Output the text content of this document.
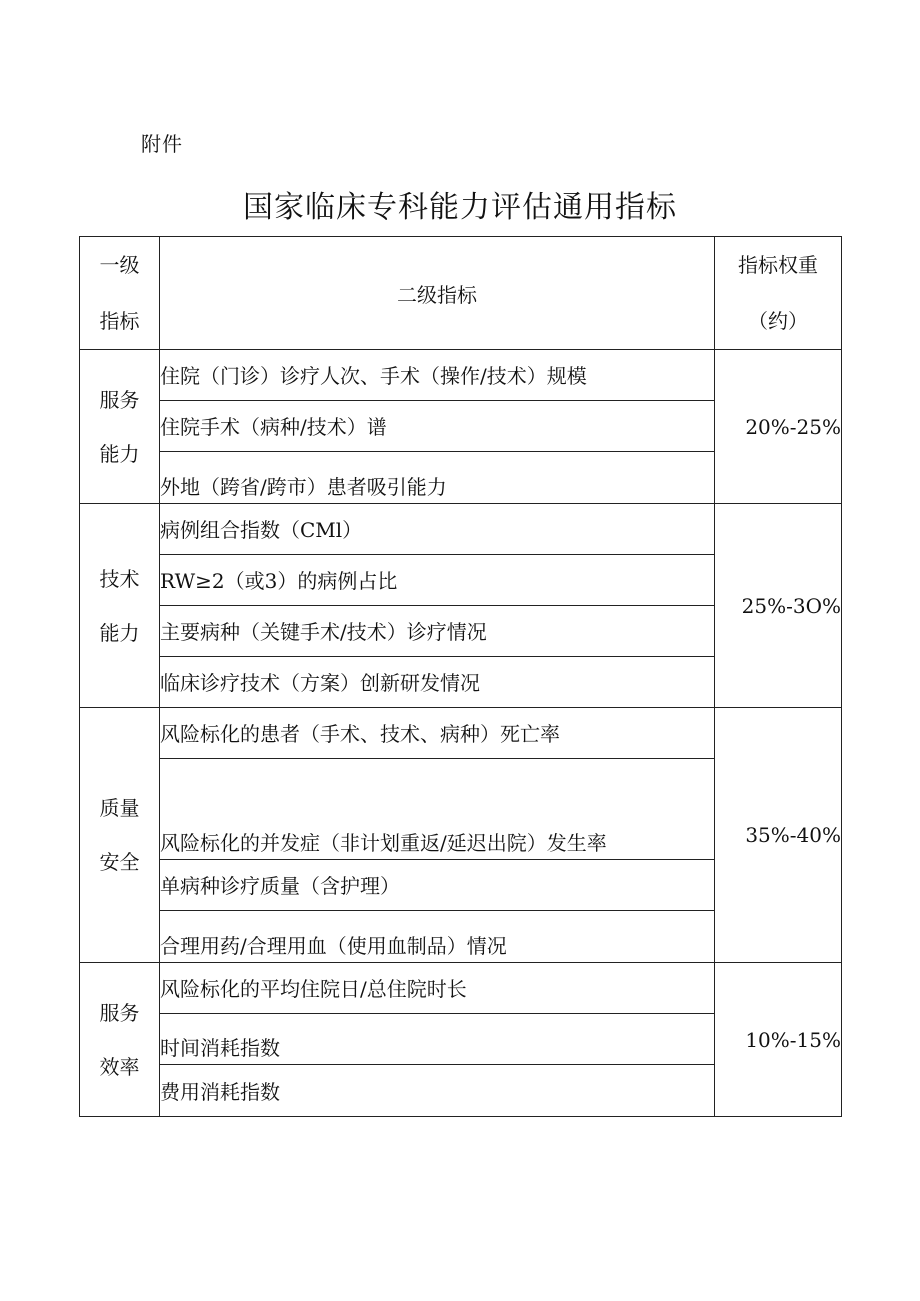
附件
国家临床专科能力评估通用指标
一级
指标	二级指标	指标权重
（约）

服务
能力	住院（门诊）诊疗人次、手术（操作/技术）规模	20%-25%
	住院手术（病种/技术）谱	
	外地（跨省/跨市）患者吸引能力	

技术
能力	病例组合指数（CMl）	25%-3O%
	RW≥2（或3）的病例占比	
	主要病种（关键手术/技术）诊疗情况	
	临床诊疗技术（方案）创新研发情况	

质量
安全	风险标化的患者（手术、技术、病种）死亡率	35%-40%
	风险标化的并发症（非计划重返/延迟出院）发生率	
	单病种诊疗质量（含护理）	
	合理用药/合理用血（使用血制品）情况	

服务
效率	风险标化的平均住院日/总住院时长	10%-15%
	时间消耗指数	
	费用消耗指数	
